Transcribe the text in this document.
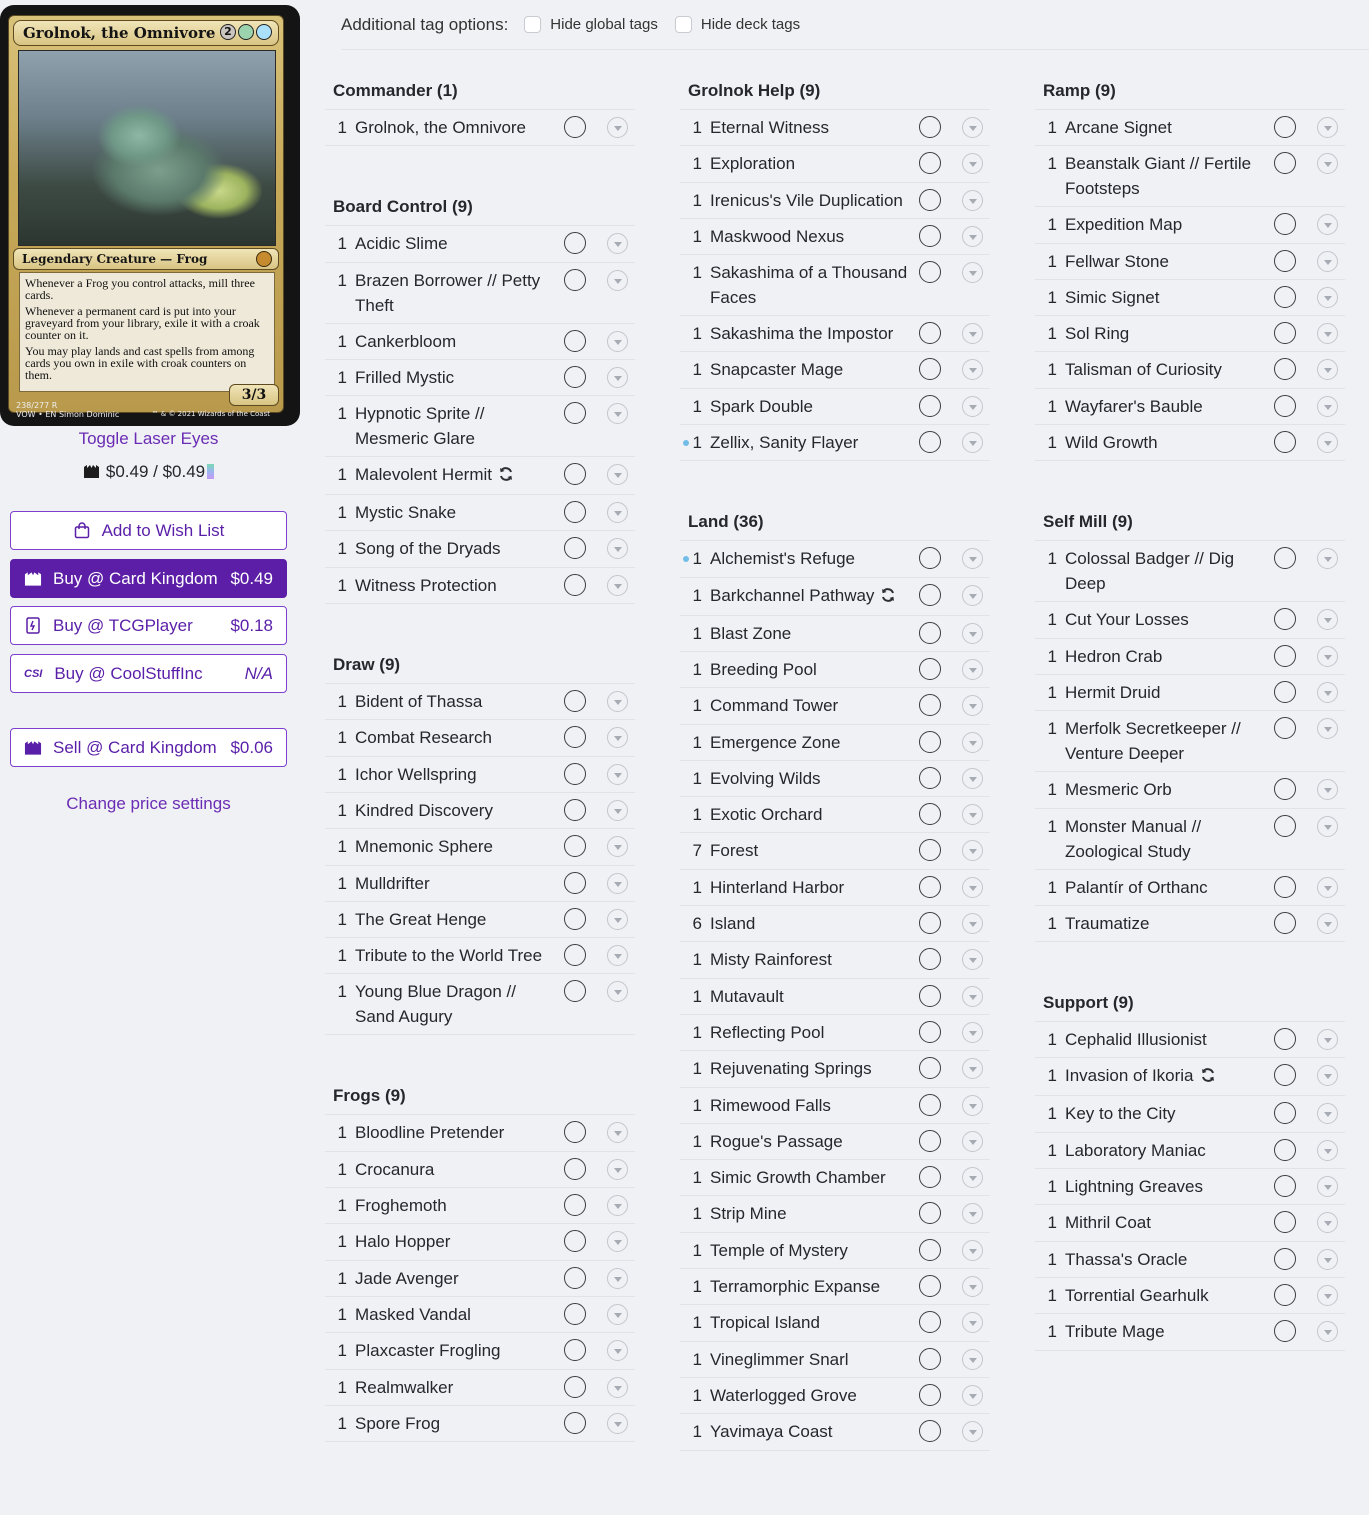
Grolnok, the Omnivore 2
Legendary Creature — Frog

Whenever a Frog you control attacks, mill three cards.

Whenever a permanent card is put into your graveyard from your library, exile it with a croak counter on it.

You may play lands and cast spells from among cards you own in exile with croak counters on them.

3/3
238/277 R
VOW • EN Simon Dominic	™ & © 2021 Wizards of the Coast
Toggle Laser Eyes
$0.49 / $0.49
Add to Wish List
Buy @ Card Kingdom $0.49
Buy @ TCGPlayer	$0.18
CSI Buy @ CoolStuffInc	N/A
Sell @ Card Kingdom $0.06
Change price settings
Additional tag options:	Hide global tags	Hide deck tags
Commander (1)
1 Grolnok, the Omnivore
Board Control (9)
1 Acidic Slime
1 Brazen Borrower // Petty Theft
1 Cankerbloom
1 Frilled Mystic
1 Hypnotic Sprite // Mesmeric Glare
1 Malevolent Hermit
1 Mystic Snake
1 Song of the Dryads
1 Witness Protection
Draw (9)
1 Bident of Thassa
1 Combat Research
1 Ichor Wellspring
1 Kindred Discovery
1 Mnemonic Sphere
1 Mulldrifter
1 The Great Henge
1 Tribute to the World Tree
1 Young Blue Dragon // Sand Augury
Frogs (9)
1 Bloodline Pretender
1 Crocanura
1 Froghemoth
1 Halo Hopper
1 Jade Avenger
1 Masked Vandal
1 Plaxcaster Frogling
1 Realmwalker
1 Spore Frog
Grolnok Help (9)
1 Eternal Witness
1 Exploration
1 Irenicus's Vile Duplication
1 Maskwood Nexus
1 Sakashima of a Thousand Faces
1 Sakashima the Impostor
1 Snapcaster Mage
1 Spark Double
1 Zellix, Sanity Flayer
Land (36)
1 Alchemist's Refuge
1 Barkchannel Pathway
1 Blast Zone
1 Breeding Pool
1 Command Tower
1 Emergence Zone
1 Evolving Wilds
1 Exotic Orchard
7 Forest
1 Hinterland Harbor
6 Island
1 Misty Rainforest
1 Mutavault
1 Reflecting Pool
1 Rejuvenating Springs
1 Rimewood Falls
1 Rogue's Passage
1 Simic Growth Chamber
1 Strip Mine
1 Temple of Mystery
1 Terramorphic Expanse
1 Tropical Island
1 Vineglimmer Snarl
1 Waterlogged Grove
1 Yavimaya Coast
Ramp (9)
1 Arcane Signet
1 Beanstalk Giant // Fertile Footsteps
1 Expedition Map
1 Fellwar Stone
1 Simic Signet
1 Sol Ring
1 Talisman of Curiosity
1 Wayfarer's Bauble
1 Wild Growth
Self Mill (9)
1 Colossal Badger // Dig Deep
1 Cut Your Losses
1 Hedron Crab
1 Hermit Druid
1 Merfolk Secretkeeper // Venture Deeper
1 Mesmeric Orb
1 Monster Manual // Zoological Study
1 Palantír of Orthanc
1 Traumatize
Support (9)
1 Cephalid Illusionist
1 Invasion of Ikoria
1 Key to the City
1 Laboratory Maniac
1 Lightning Greaves
1 Mithril Coat
1 Thassa's Oracle
1 Torrential Gearhulk
1 Tribute Mage
